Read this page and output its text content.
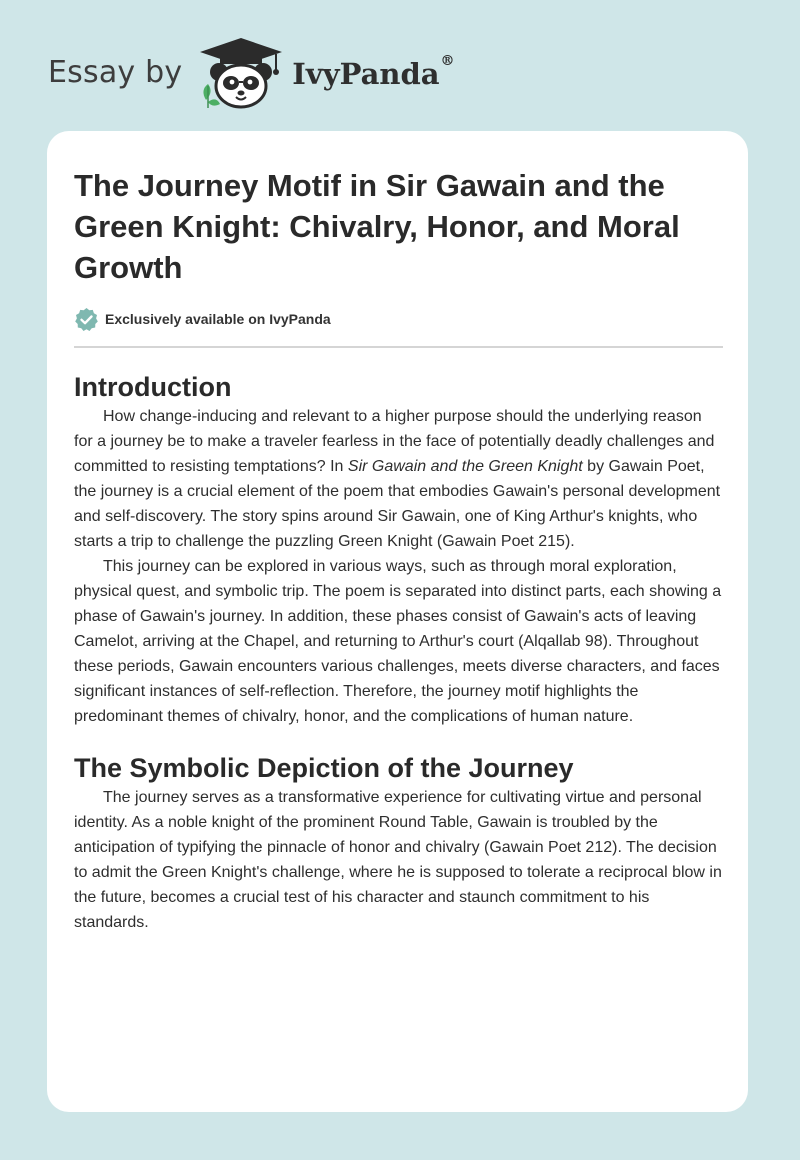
Essay by	IvyPanda®
The Journey Motif in Sir Gawain and the Green Knight: Chivalry, Honor, and Moral Growth
Exclusively available on IvyPanda
Introduction

How change-inducing and relevant to a higher purpose should the underlying reason for a journey be to make a traveler fearless in the face of potentially deadly challenges and committed to resisting temptations? In Sir Gawain and the Green Knight by Gawain Poet, the journey is a crucial element of the poem that embodies Gawain's personal development and self-discovery. The story spins around Sir Gawain, one of King Arthur's knights, who starts a trip to challenge the puzzling Green Knight (Gawain Poet 215).

This journey can be explored in various ways, such as through moral exploration, physical quest, and symbolic trip. The poem is separated into distinct parts, each showing a phase of Gawain's journey. In addition, these phases consist of Gawain's acts of leaving Camelot, arriving at the Chapel, and returning to Arthur's court (Alqallab 98). Throughout these periods, Gawain encounters various challenges, meets diverse characters, and faces significant instances of self-reflection. Therefore, the journey motif highlights the predominant themes of chivalry, honor, and the complications of human nature.

The Symbolic Depiction of the Journey

The journey serves as a transformative experience for cultivating virtue and personal identity. As a noble knight of the prominent Round Table, Gawain is troubled by the anticipation of typifying the pinnacle of honor and chivalry (Gawain Poet 212). The decision to admit the Green Knight's challenge, where he is supposed to tolerate a reciprocal blow in the future, becomes a crucial test of his character and staunch commitment to his standards.
